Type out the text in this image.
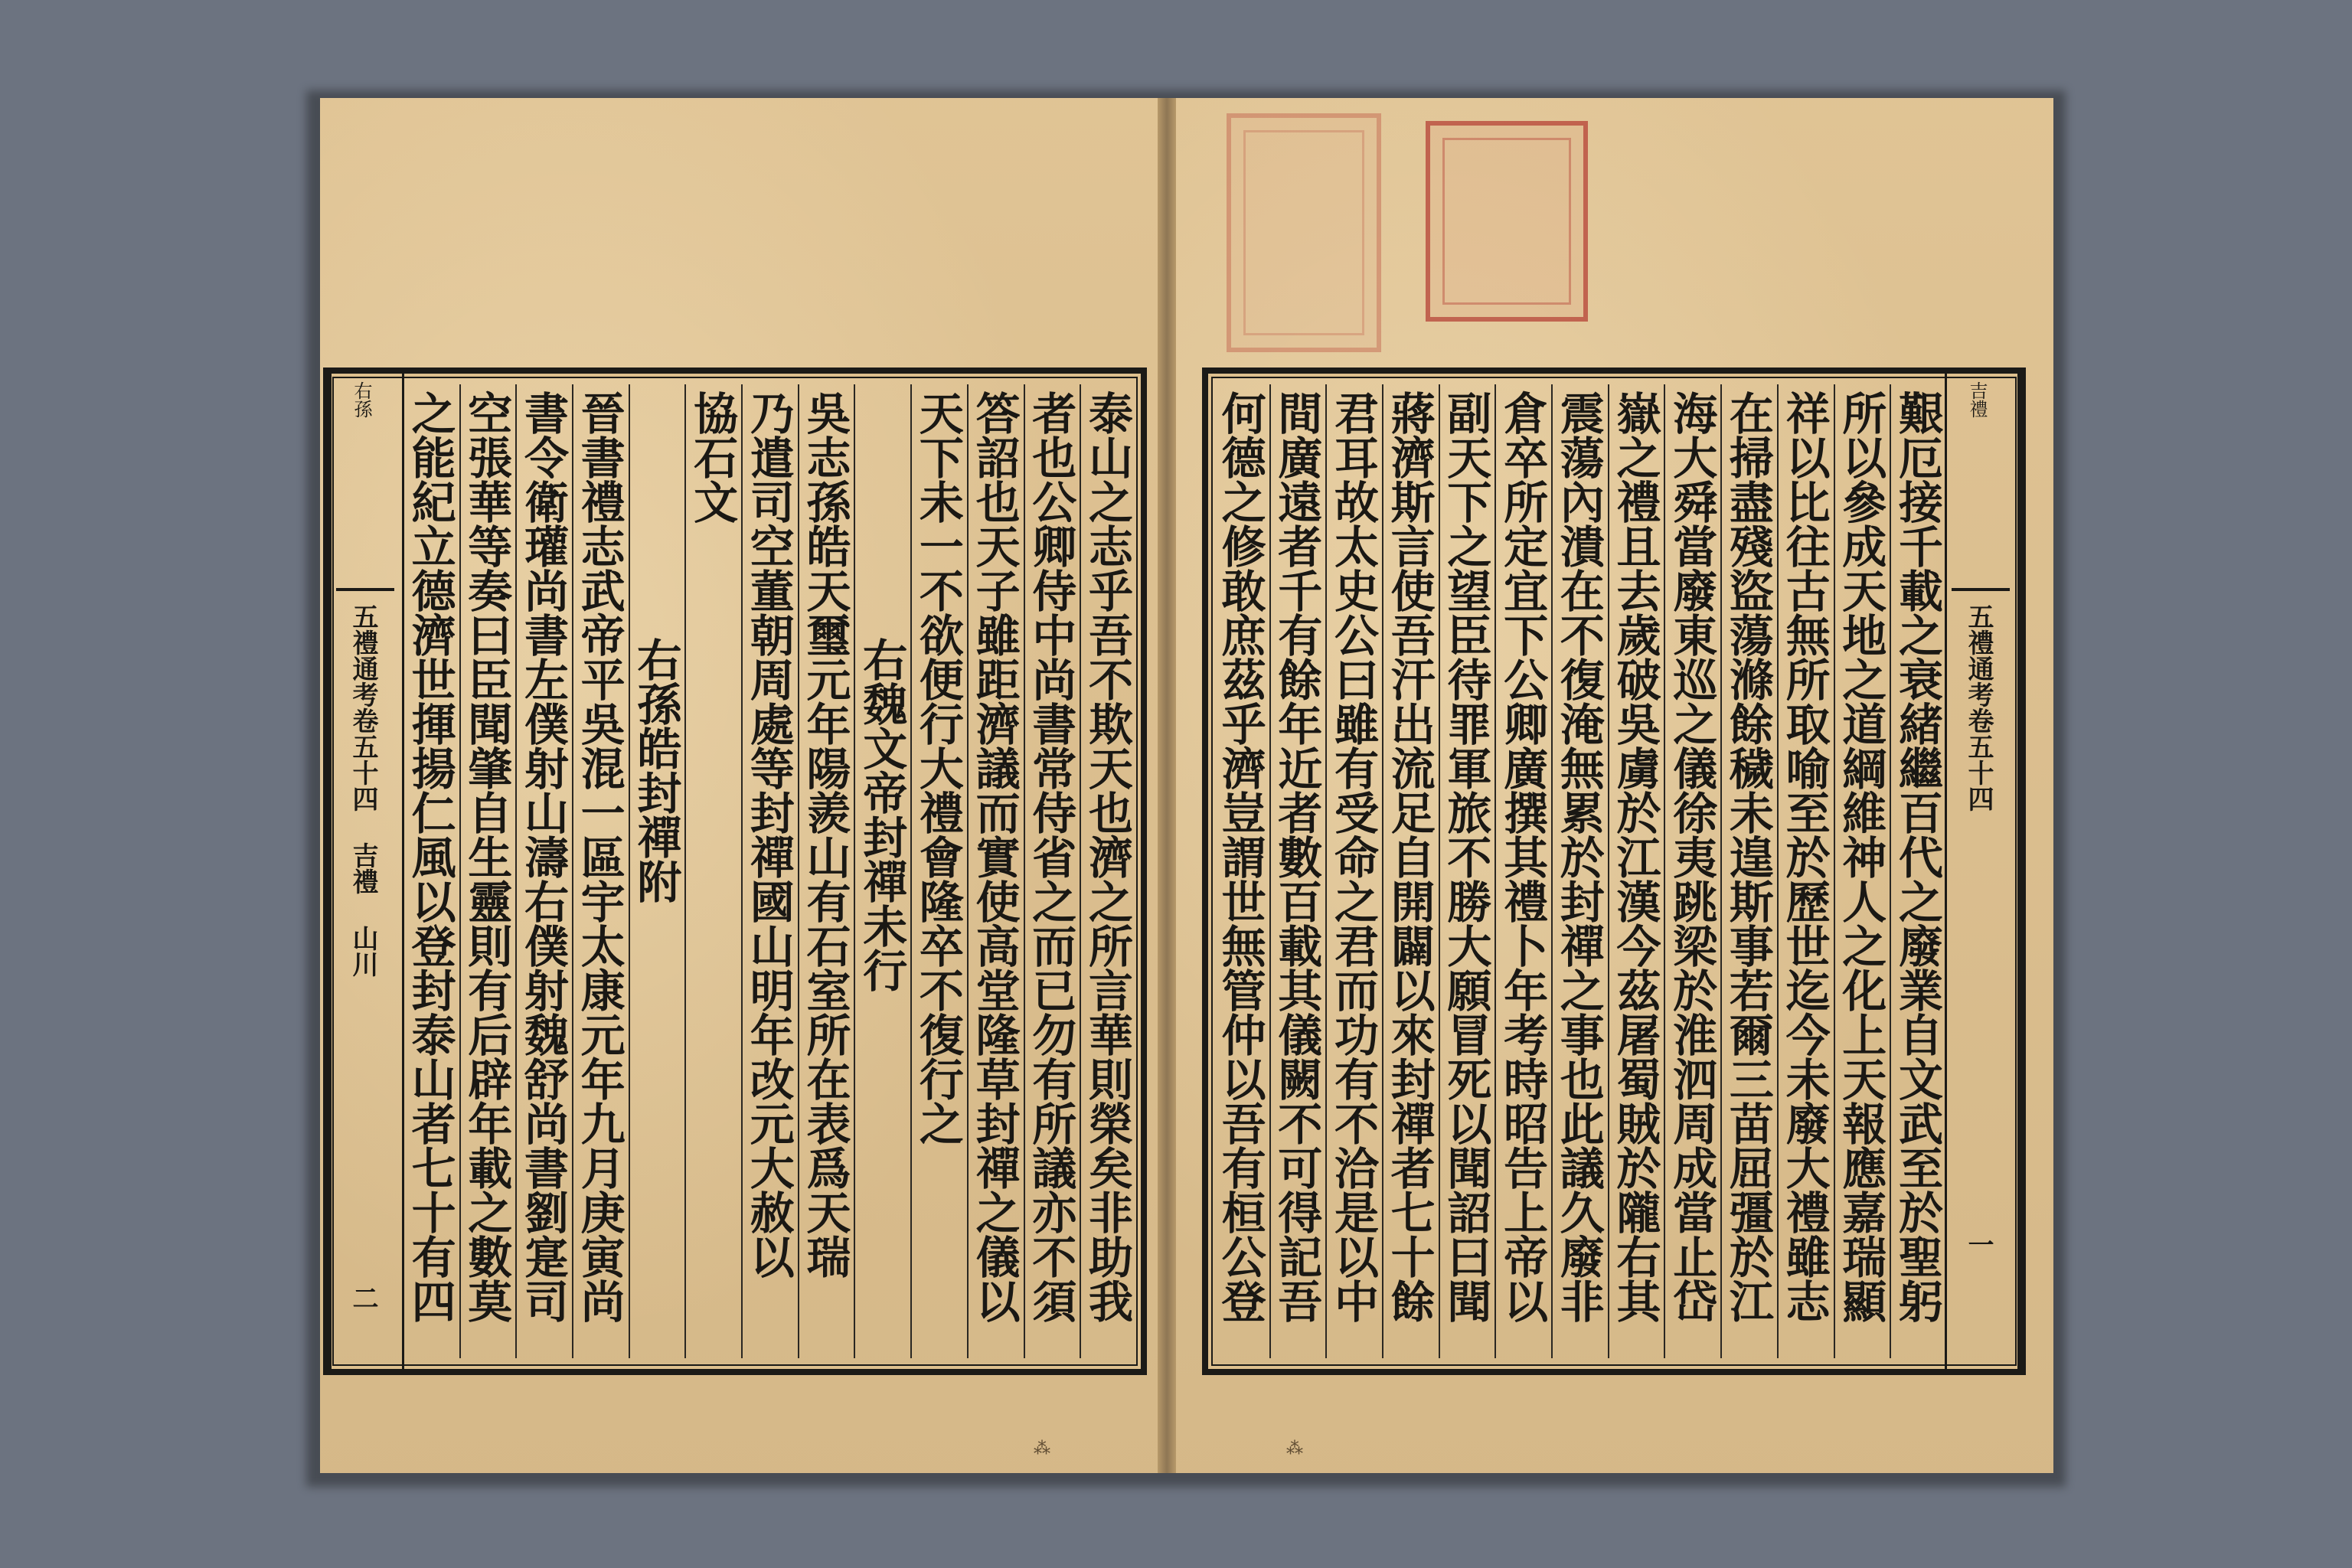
右孫
五禮通考卷五十四 吉禮 山川
二	泰山之志乎吾不欺天也濟之所言華則榮矣非助我
者也公卿侍中尚書常侍省之而已勿有所議亦不須
答詔也天子雖距濟議而實使高堂隆草封禪之儀以
天下未一不欲便行大禮會隆卒不復行之
右魏文帝封禪未行
吳志孫皓天璽元年陽羨山有石室所在表爲天瑞
乃遣司空董朝周處等封禪國山明年改元大赦以
協石文
右孫皓封禪附
晉書禮志武帝平吳混一區宇太康元年九月庚寅尚
書令衛瓘尚書左僕射山濤右僕射魏舒尚書劉寔司
空張華等奏曰臣聞肇自生靈則有后辟年載之數莫
之能紀立德濟世揮揚仁風以登封泰山者七十有四	艱厄接千載之衰緒繼百代之廢業自文武至於聖躬
所以參成天地之道綱維神人之化上天報應嘉瑞顯
祥以比往古無所取喻至於歷世迄今未廢大禮雖志
在掃盡殘盜蕩滌餘穢未遑斯事若爾三苗屈彊於江
海大舜當廢東巡之儀徐夷跳梁於淮泗周成當止岱
嶽之禮且去歲破吳虜於江漢今茲屠蜀賊於隴右其
震蕩內潰在不復淹無累於封禪之事也此議久廢非
倉卒所定宜下公卿廣撰其禮卜年考時昭告上帝以
副天下之望臣待罪軍旅不勝大願冒死以聞詔曰聞
蔣濟斯言使吾汗出流足自開闢以來封禪者七十餘
君耳故太史公曰雖有受命之君而功有不洽是以中
間廣遠者千有餘年近者數百載其儀闕不可得記吾
何德之修敢庶茲乎濟豈謂世無管仲以吾有桓公登	吉禮
五禮通考卷五十四
一
⁂	⁂
